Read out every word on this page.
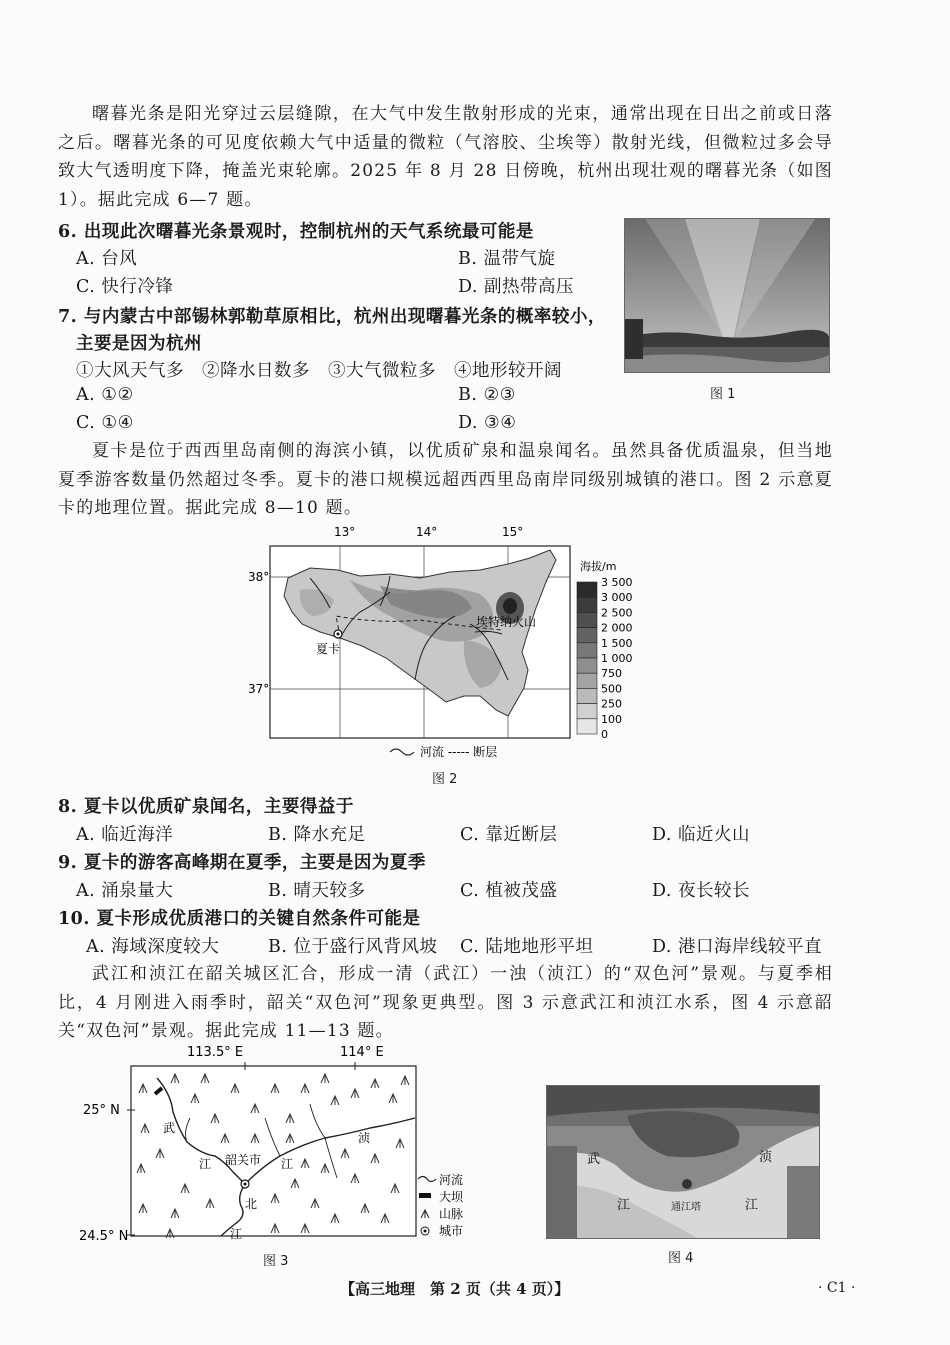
曙暮光条是阳光穿过云层缝隙，在大气中发生散射形成的光束，通常出现在日出之前或日落之后。曙暮光条的可见度依赖大气中适量的微粒（气溶胶、尘埃等）散射光线，但微粒过多会导致大气透明度下降，掩盖光束轮廓。2025 年 8 月 28 日傍晚，杭州出现壮观的曙暮光条（如图 1）。据此完成 6—7 题。
6. 出现此次曙暮光条景观时，控制杭州的天气系统最可能是
A. 台风	B. 温带气旋
C. 快行冷锋	D. 副热带高压
7. 与内蒙古中部锡林郭勒草原相比，杭州出现曙暮光条的概率较小，
主要是因为杭州
①大风天气多　②降水日数多　③大气微粒多　④地形较开阔
A. ①②	B. ②③
C. ①④	D. ③④
图 1
夏卡是位于西西里岛南侧的海滨小镇，以优质矿泉和温泉闻名。虽然具备优质温泉，但当地夏季游客数量仍然超过冬季。夏卡的港口规模远超西西里岛南岸同级别城镇的港口。图 2 示意夏卡的地理位置。据此完成 8—10 题。
13°	14°	15°
38°
37°
夏卡
埃特纳火山
海拔/m
3 500
3 000
2 500
2 000
1 500
1 000
750
500
250
100
0
河流 ----- 断层
图 2
8. 夏卡以优质矿泉闻名，主要得益于
A. 临近海洋	B. 降水充足	C. 靠近断层	D. 临近火山
9. 夏卡的游客高峰期在夏季，主要是因为夏季
A. 涌泉量大	B. 晴天较多	C. 植被茂盛	D. 夜长较长
10. 夏卡形成优质港口的关键自然条件可能是
A. 海域深度较大	B. 位于盛行风背风坡 C. 陆地地形平坦	D. 港口海岸线较平直
武江和浈江在韶关城区汇合，形成一清（武江）一浊（浈江）的“双色河”景观。与夏季相比，4 月刚进入雨季时，韶关“双色河”现象更典型。图 3 示意武江和浈江水系，图 4 示意韶关“双色河”景观。据此完成 11—13 题。
113.5° E	114° E
25° N
24.5° N
武
江 韶关市 江
浈
北
江
河流
大坝
山脉
城市
图 3
武
江
浈
江
通江塔
图 4
【高三地理　第 2 页（共 4 页）】	· C1 ·
